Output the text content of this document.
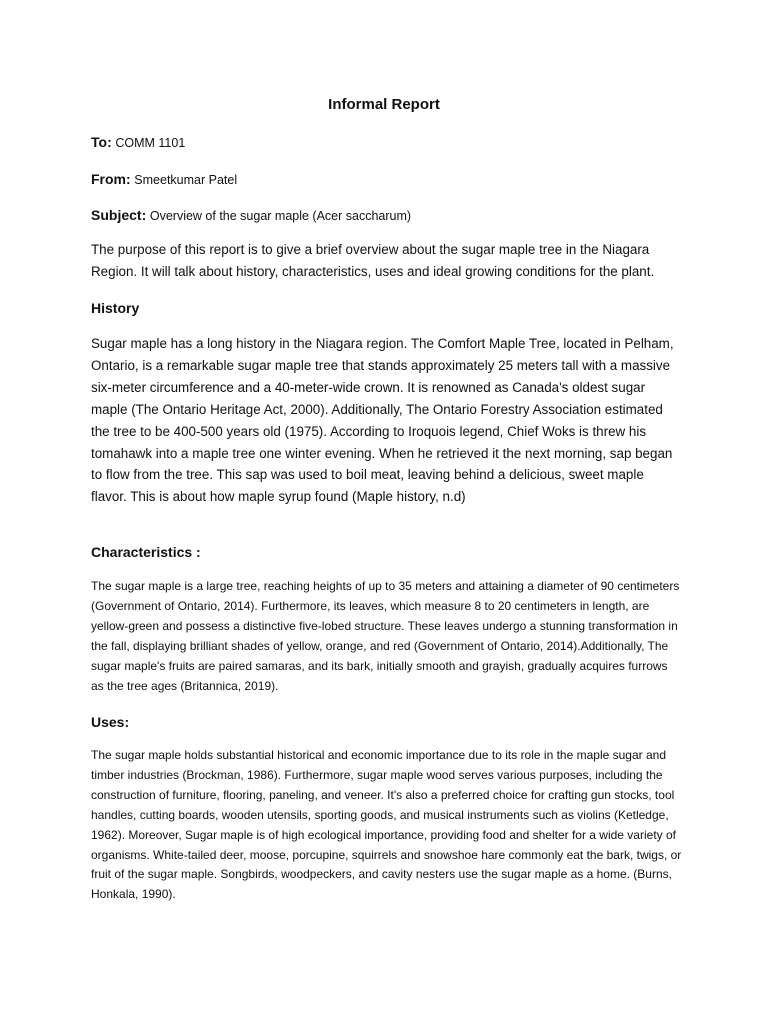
Informal Report
To: COMM 1101
From: Smeetkumar Patel
Subject: Overview of the sugar maple (Acer saccharum)

The purpose of this report is to give a brief overview about the sugar maple tree in the Niagara Region. It will talk about history, characteristics, uses and ideal growing conditions for the plant.

History

Sugar maple has a long history in the Niagara region. The Comfort Maple Tree, located in Pelham, Ontario, is a remarkable sugar maple tree that stands approximately 25 meters tall with a massive six-meter circumference and a 40-meter-wide crown. It is renowned as Canada's oldest sugar maple (The Ontario Heritage Act, 2000). Additionally, The Ontario Forestry Association estimated the tree to be 400-500 years old (1975). According to Iroquois legend, Chief Woks is threw his tomahawk into a maple tree one winter evening. When he retrieved it the next morning, sap began to flow from the tree. This sap was used to boil meat, leaving behind a delicious, sweet maple flavor. This is about how maple syrup found (Maple history, n.d)

Characteristics :

The sugar maple is a large tree, reaching heights of up to 35 meters and attaining a diameter of 90 centimeters (Government of Ontario, 2014). Furthermore, its leaves, which measure 8 to 20 centimeters in length, are yellow-green and possess a distinctive five-lobed structure. These leaves undergo a stunning transformation in the fall, displaying brilliant shades of yellow, orange, and red (Government of Ontario, 2014).Additionally, The sugar maple's fruits are paired samaras, and its bark, initially smooth and grayish, gradually acquires furrows as the tree ages (Britannica, 2019).

Uses:

The sugar maple holds substantial historical and economic importance due to its role in the maple sugar and timber industries (Brockman, 1986). Furthermore, sugar maple wood serves various purposes, including the construction of furniture, flooring, paneling, and veneer. It's also a preferred choice for crafting gun stocks, tool handles, cutting boards, wooden utensils, sporting goods, and musical instruments such as violins (Ketledge, 1962). Moreover, Sugar maple is of high ecological importance, providing food and shelter for a wide variety of organisms. White-tailed deer, moose, porcupine, squirrels and snowshoe hare commonly eat the bark, twigs, or fruit of the sugar maple. Songbirds, woodpeckers, and cavity nesters use the sugar maple as a home. (Burns, Honkala, 1990).
